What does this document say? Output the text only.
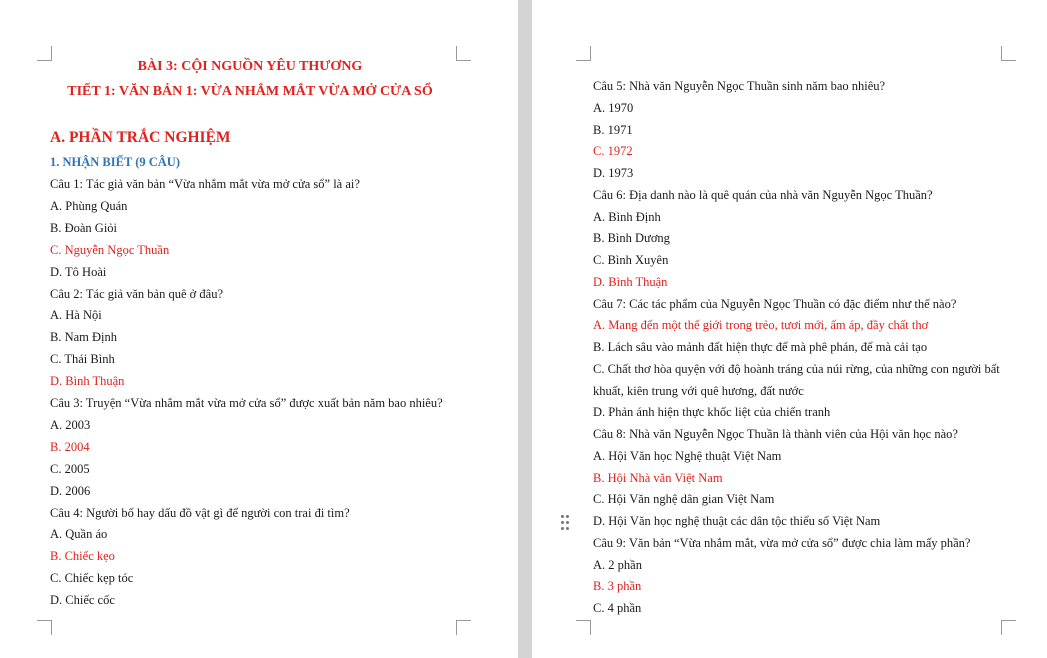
BÀI 3: CỘI NGUỒN YÊU THƯƠNG
TIẾT 1: VĂN BẢN 1: VỪA NHẮM MẮT VỪA MỞ CỬA SỔ
A. PHẦN TRẮC NGHIỆM
1. NHẬN BIẾT (9 CÂU)
Câu 1: Tác giả văn bản “Vừa nhắm mắt vừa mở cửa sổ” là ai?
A. Phùng Quán
B. Đoàn Giỏi
C. Nguyễn Ngọc Thuần
D. Tô Hoài
Câu 2: Tác giả văn bản quê ở đâu?
A. Hà Nội
B. Nam Định
C. Thái Bình
D. Bình Thuận
Câu 3: Truyện “Vừa nhắm mắt vừa mở cửa sổ” được xuất bản năm bao nhiêu?
A. 2003
B. 2004
C. 2005
D. 2006
Câu 4: Người bố hay dấu đồ vật gì để người con trai đi tìm?
A. Quần áo
B. Chiếc kẹo
C. Chiếc kẹp tóc
D. Chiếc cốc
Câu 5: Nhà văn Nguyễn Ngọc Thuần sinh năm bao nhiêu?
A. 1970
B. 1971
C. 1972
D. 1973
Câu 6: Địa danh nào là quê quán của nhà văn Nguyễn Ngọc Thuần?
A. Bình Định
B. Bình Dương
C. Bình Xuyên
D. Bình Thuận
Câu 7: Các tác phẩm của Nguyễn Ngọc Thuần có đặc điểm như thế nào?
A. Mang đến một thế giới trong trẻo, tươi mới, ấm áp, đầy chất thơ
B. Lách sâu vào mảnh đất hiện thực để mà phê phán, để mà cải tạo
C. Chất thơ hòa quyện với độ hoành tráng của núi rừng, của những con người bất
khuất, kiên trung với quê hương, đất nước
D. Phản ánh hiện thực khốc liệt của chiến tranh
Câu 8: Nhà văn Nguyễn Ngọc Thuần là thành viên của Hội văn học nào?
A. Hội Văn học Nghệ thuật Việt Nam
B. Hội Nhà văn Việt Nam
C. Hội Văn nghệ dân gian Việt Nam
D. Hội Văn học nghệ thuật các dân tộc thiểu số Việt Nam
Câu 9: Văn bản “Vừa nhắm mắt, vừa mở cửa sổ” được chia làm mấy phần?
A. 2 phần
B. 3 phần
C. 4 phần
